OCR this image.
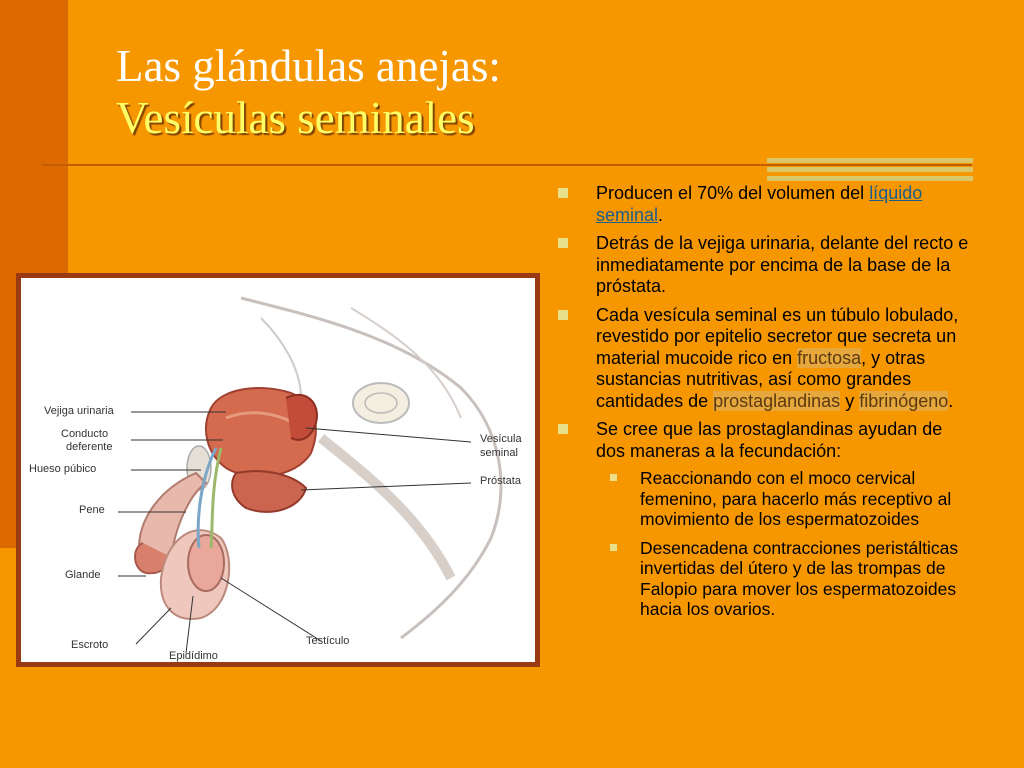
Las glándulas anejas:
Vesículas seminales
Vejiga urinaria
Conducto
deferente
Hueso púbico
Pene
Glande
Escroto
Epidídimo
Testículo
Vesícula
seminal
Próstata
Producen el 70% del volumen del líquido seminal.
Detrás de la vejiga urinaria, delante del recto e inmediatamente por encima de la base de la próstata.
Cada vesícula seminal es un túbulo lobulado, revestido por epitelio secretor que secreta un material mucoide rico en fructosa, y otras sustancias nutritivas, así como grandes cantidades de prostaglandinas y fibrinógeno.
Se cree que las prostaglandinas ayudan de dos maneras a la fecundación:
Reaccionando con el moco cervical femenino, para hacerlo más receptivo al movimiento de los espermatozoides
Desencadena contracciones peristálticas invertidas del útero y de las trompas de Falopio para mover los espermatozoides hacia los ovarios.
